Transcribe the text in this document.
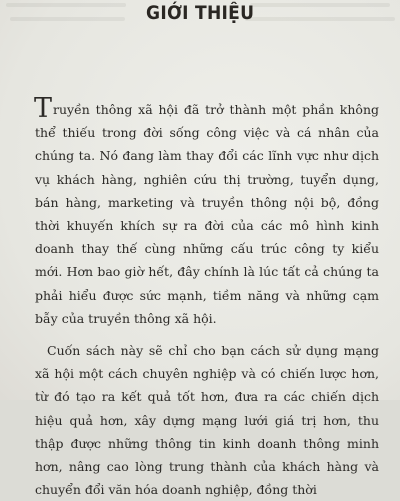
GIỚI THIỆU

Truyền thông xã hội đã trở thành một phần không thể thiếu trong đời sống công việc và cá nhân của chúng ta. Nó đang làm thay đổi các lĩnh vực như dịch vụ khách hàng, nghiên cứu thị trường, tuyển dụng, bán hàng, marketing và truyền thông nội bộ, đồng thời khuyến khích sự ra đời của các mô hình kinh doanh thay thế cùng những cấu trúc công ty kiểu mới. Hơn bao giờ hết, đây chính là lúc tất cả chúng ta phải hiểu được sức mạnh, tiềm năng và những cạm bẫy của truyền thông xã hội.

Cuốn sách này sẽ chỉ cho bạn cách sử dụng mạng xã hội một cách chuyên nghiệp và có chiến lược hơn, từ đó tạo ra kết quả tốt hơn, đưa ra các chiến dịch hiệu quả hơn, xây dựng mạng lưới giá trị hơn, thu thập được những thông tin kinh doanh thông minh hơn, nâng cao lòng trung thành của khách hàng và chuyển đổi văn hóa doanh nghiệp, đồng thời
